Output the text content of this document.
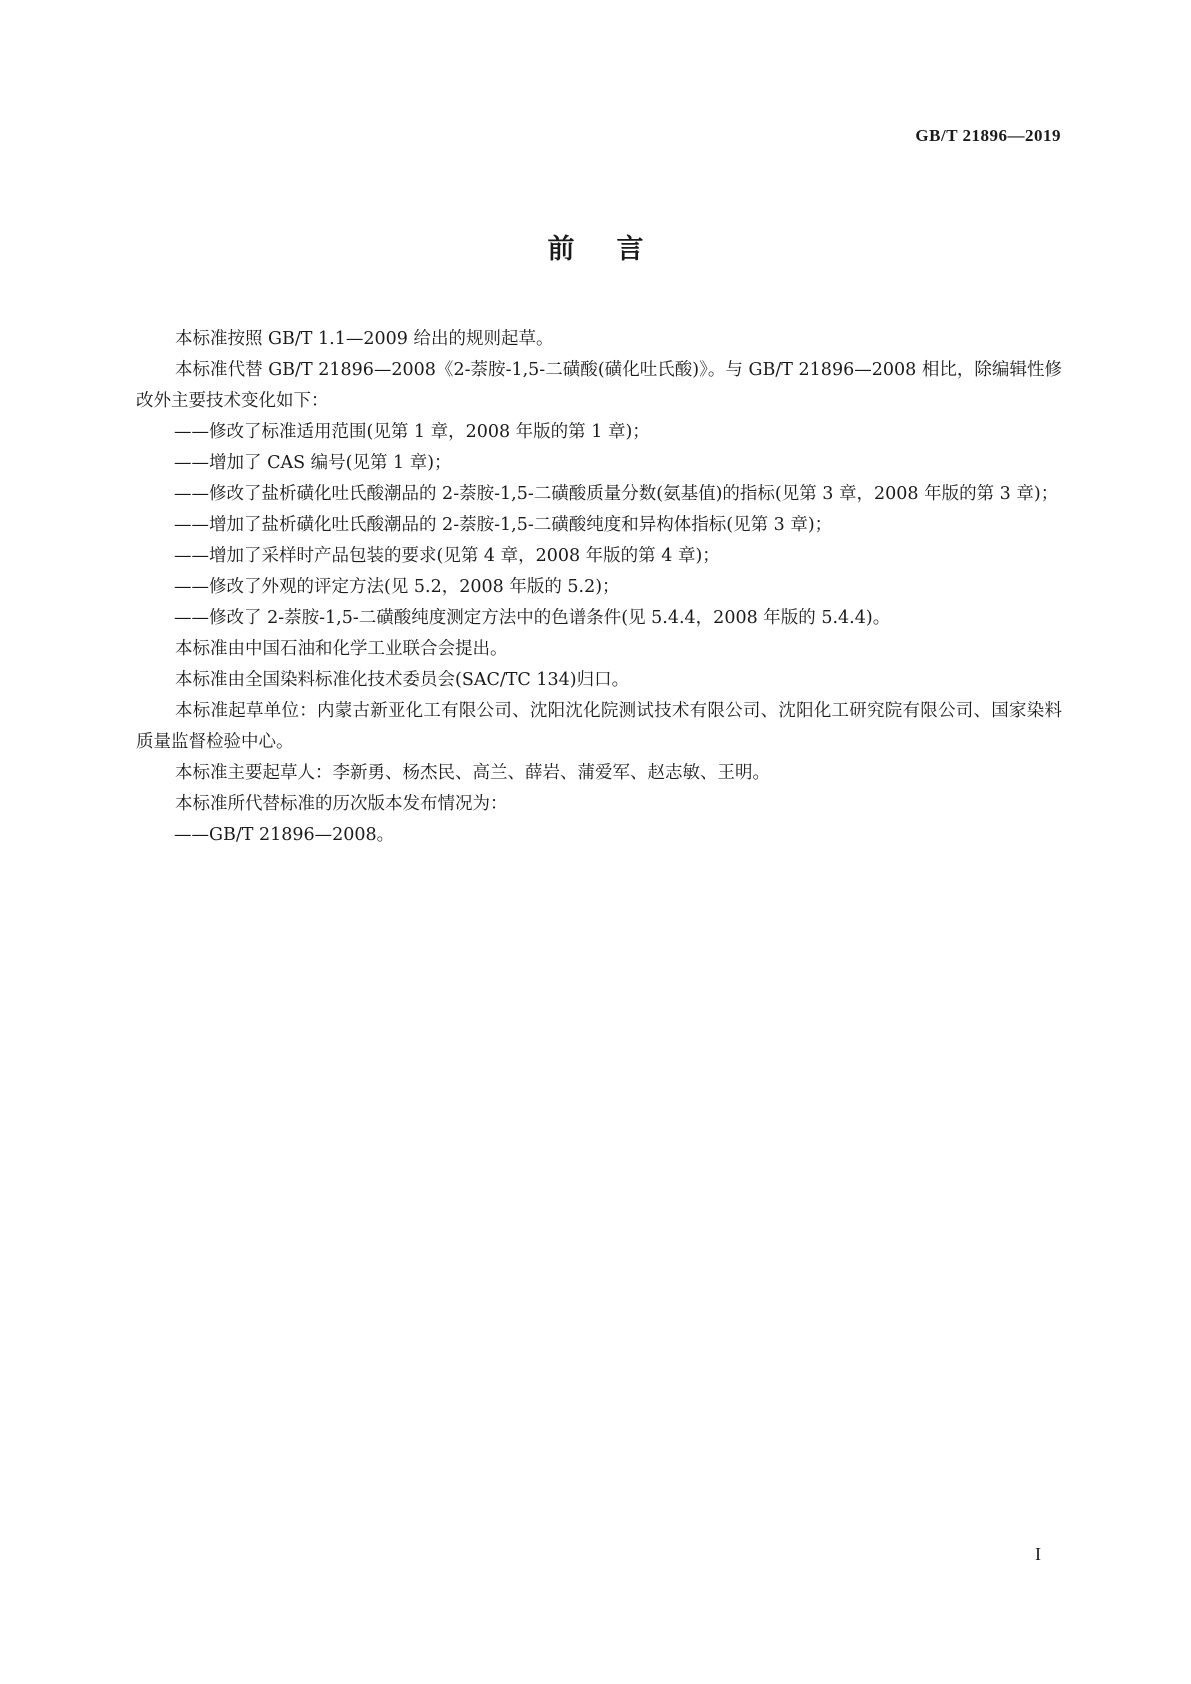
GB/T 21896—2019
前言

本标准按照 GB/T 1.1—2009 给出的规则起草。

本标准代替 GB/T 21896—2008《2-萘胺-1,5-二磺酸(磺化吐氏酸)》。与 GB/T 21896—2008 相比，除编辑性修改外主要技术变化如下：

——修改了标准适用范围(见第 1 章，2008 年版的第 1 章)；

——增加了 CAS 编号(见第 1 章)；

——修改了盐析磺化吐氏酸潮品的 2-萘胺-1,5-二磺酸质量分数(氨基值)的指标(见第 3 章，2008 年版的第 3 章)；

——增加了盐析磺化吐氏酸潮品的 2-萘胺-1,5-二磺酸纯度和异构体指标(见第 3 章)；

——增加了采样时产品包装的要求(见第 4 章，2008 年版的第 4 章)；

——修改了外观的评定方法(见 5.2，2008 年版的 5.2)；

——修改了 2-萘胺-1,5-二磺酸纯度测定方法中的色谱条件(见 5.4.4，2008 年版的 5.4.4)。

本标准由中国石油和化学工业联合会提出。

本标准由全国染料标准化技术委员会(SAC/TC 134)归口。

本标准起草单位：内蒙古新亚化工有限公司、沈阳沈化院测试技术有限公司、沈阳化工研究院有限公司、国家染料质量监督检验中心。

本标准主要起草人：李新勇、杨杰民、高兰、薛岩、蒲爱军、赵志敏、王明。

本标准所代替标准的历次版本发布情况为：

——GB/T 21896—2008。

I
